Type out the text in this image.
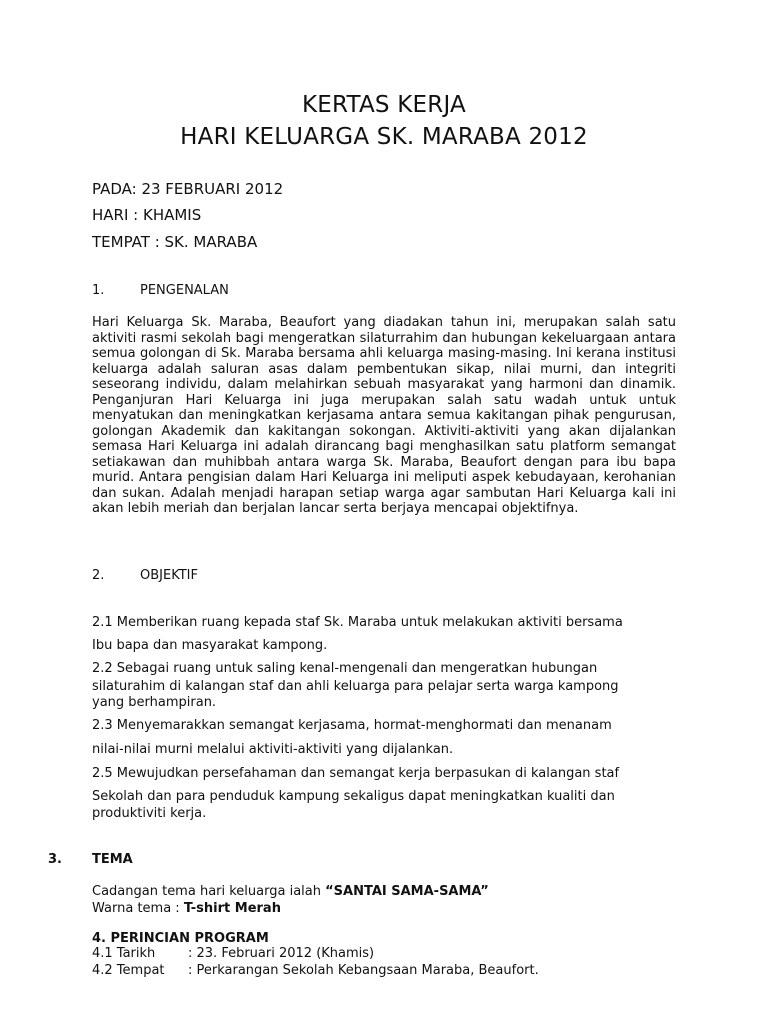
KERTAS KERJA
HARI KELUARGA SK. MARABA 2012
PADA: 23 FEBRUARI 2012
HARI : KHAMIS
TEMPAT : SK. MARABA
1.	PENGENALAN
Hari Keluarga Sk. Maraba, Beaufort yang diadakan tahun ini, merupakan salah satu aktiviti rasmi sekolah bagi mengeratkan silaturrahim dan hubungan kekeluargaan antara semua golongan di Sk. Maraba bersama ahli keluarga masing-masing. Ini kerana institusi keluarga adalah saluran asas dalam pembentukan sikap, nilai murni, dan integriti seseorang individu, dalam melahirkan sebuah masyarakat yang harmoni dan dinamik. Penganjuran Hari Keluarga ini juga merupakan salah satu wadah untuk untuk menyatukan dan meningkatkan kerjasama antara semua kakitangan pihak pengurusan, golongan Akademik dan kakitangan sokongan. Aktiviti-aktiviti yang akan dijalankan semasa Hari Keluarga ini adalah dirancang bagi menghasilkan satu platform semangat setiakawan dan muhibbah antara warga Sk. Maraba, Beaufort dengan para ibu bapa murid. Antara pengisian dalam Hari Keluarga ini meliputi aspek kebudayaan, kerohanian dan sukan. Adalah menjadi harapan setiap warga agar sambutan Hari Keluarga kali ini akan lebih meriah dan berjalan lancar serta berjaya mencapai objektifnya.
2.	OBJEKTIF
2.1 Memberikan ruang kepada staf Sk. Maraba untuk melakukan aktiviti bersama
Ibu bapa dan masyarakat kampong.
2.2 Sebagai ruang untuk saling kenal-mengenali dan mengeratkan hubungan
silaturahim di kalangan staf dan ahli keluarga para pelajar serta warga kampong
yang berhampiran.
2.3 Menyemarakkan semangat kerjasama, hormat-menghormati dan menanam
nilai-nilai murni melalui aktiviti-aktiviti yang dijalankan.
2.5 Mewujudkan persefahaman dan semangat kerja berpasukan di kalangan staf
Sekolah dan para penduduk kampung sekaligus dapat meningkatkan kualiti dan
produktiviti kerja.
3. TEMA
Cadangan tema hari keluarga ialah “SANTAI SAMA-SAMA”
Warna tema : T-shirt Merah
4. PERINCIAN PROGRAM
4.1 Tarikh	: 23. Februari 2012 (Khamis)
4.2 Tempat : Perkarangan Sekolah Kebangsaan Maraba, Beaufort.
